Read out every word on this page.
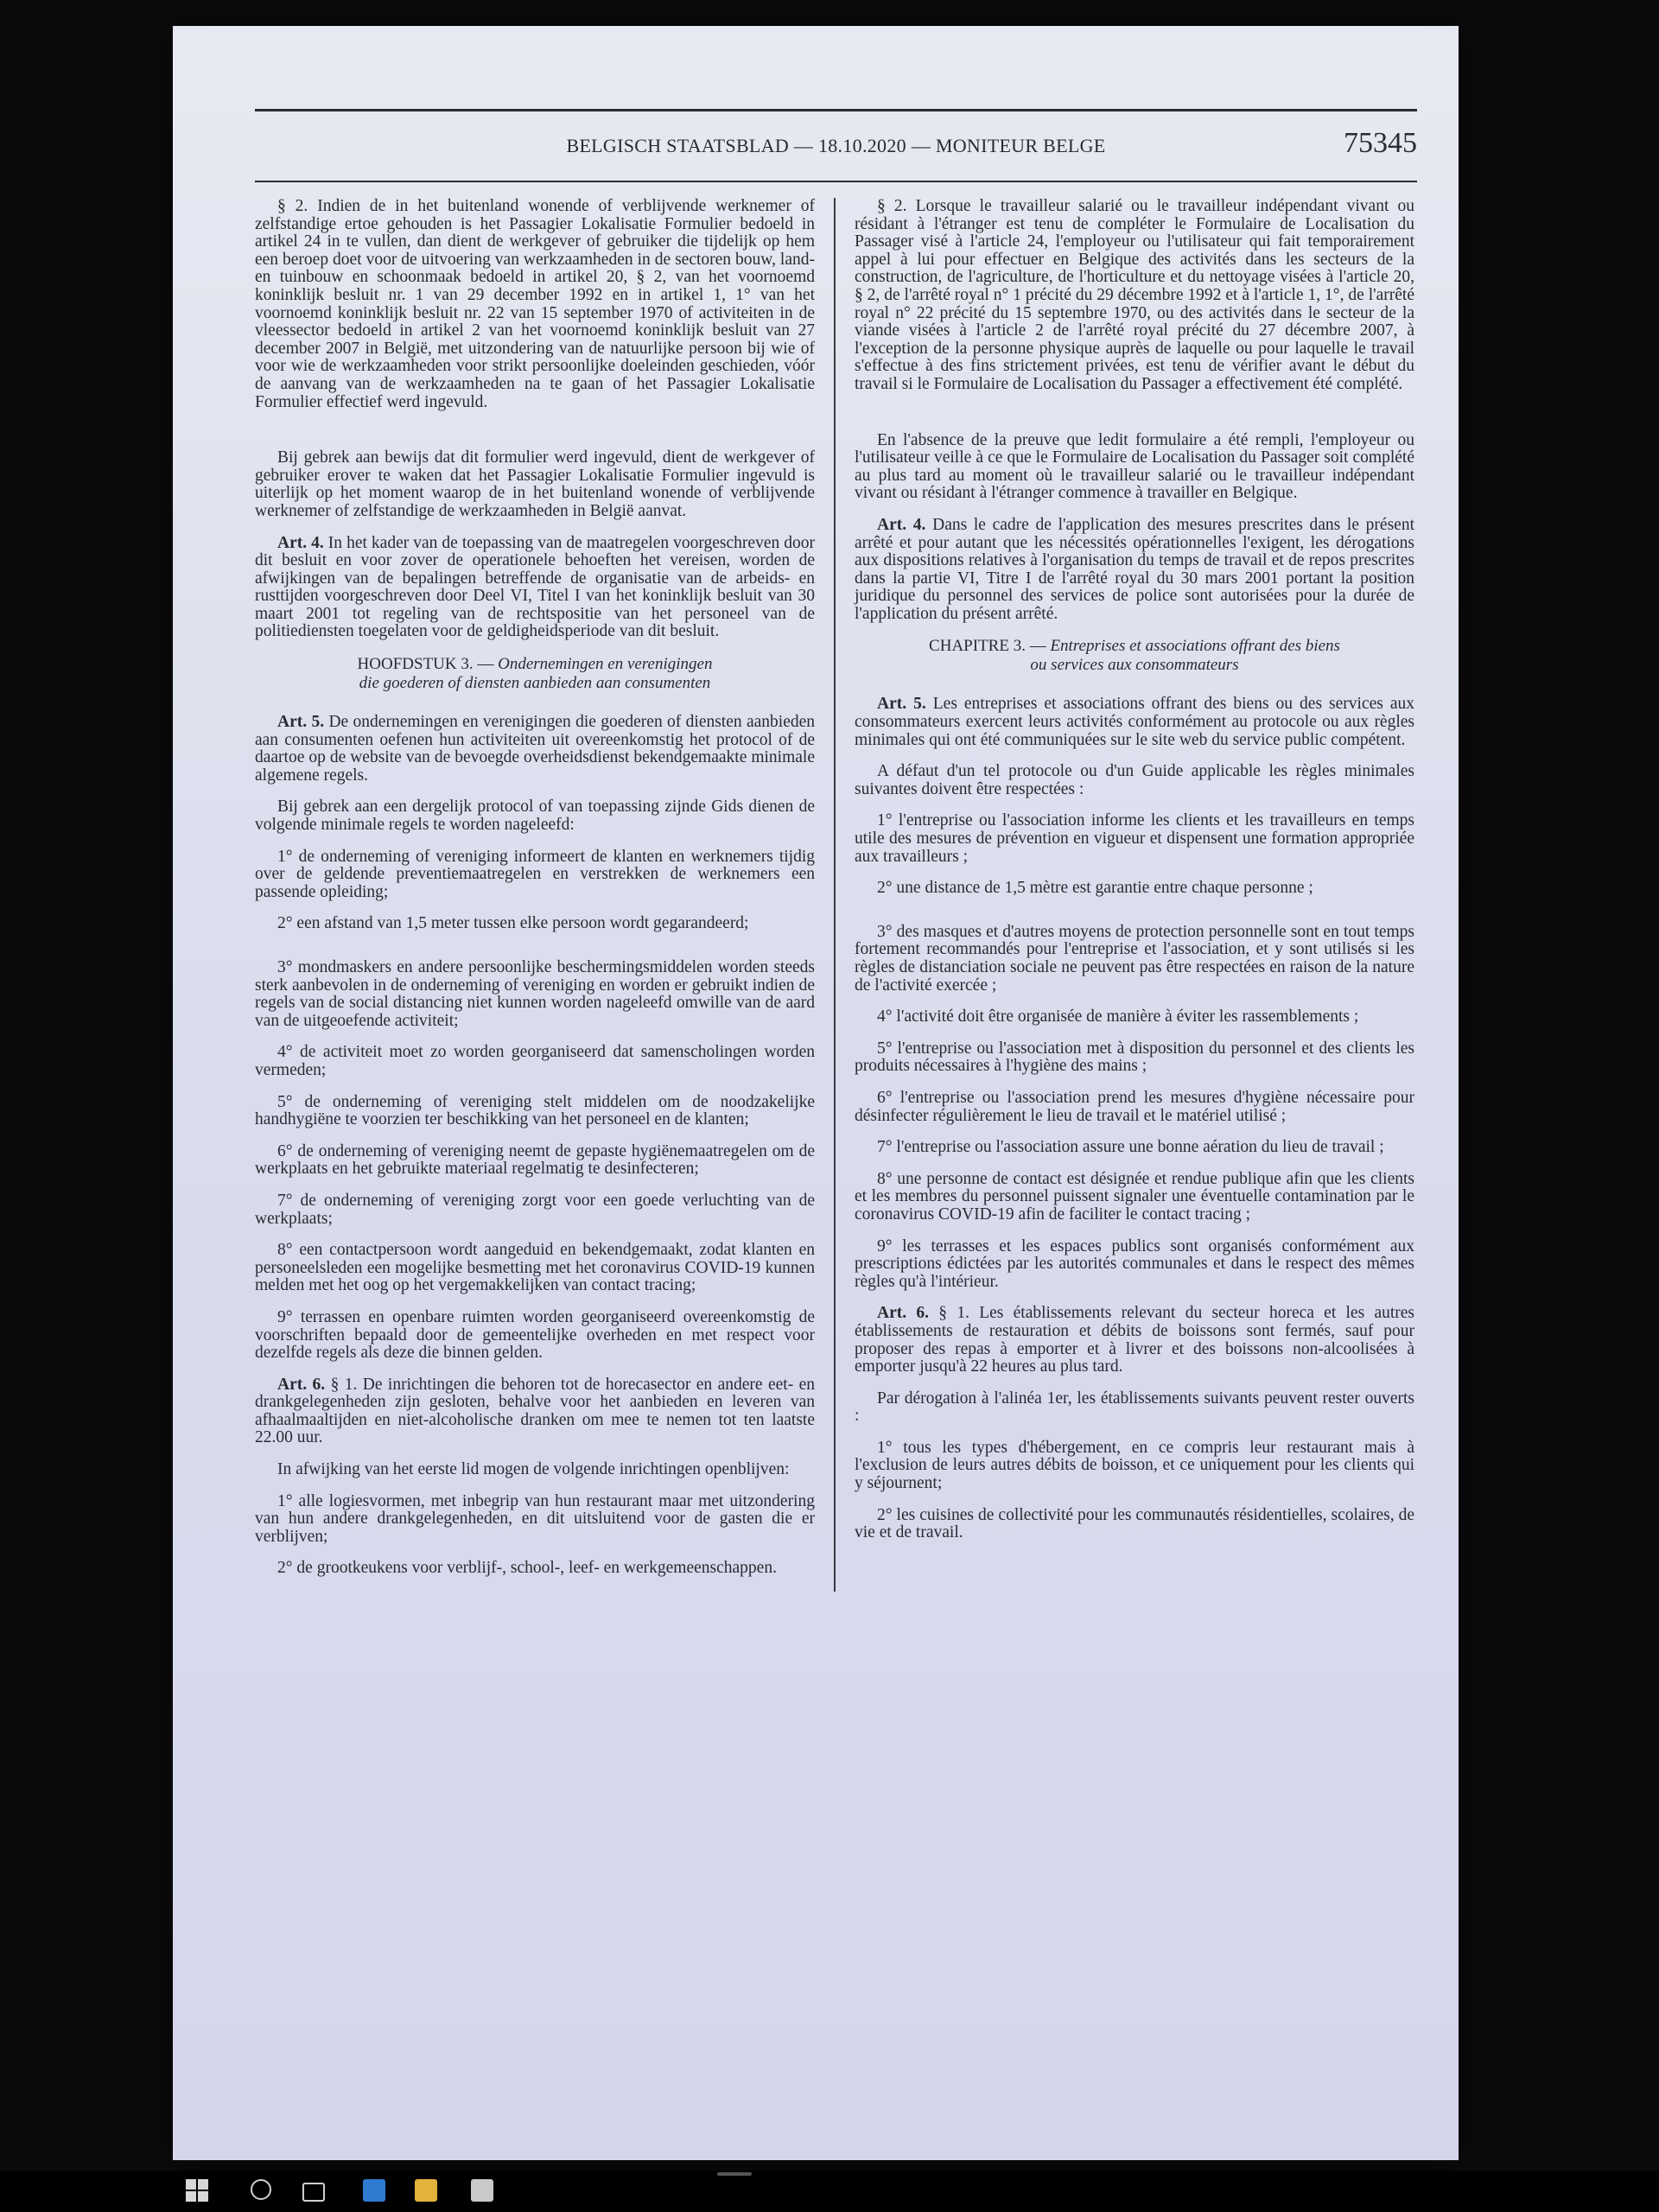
BELGISCH STAATSBLAD — 18.10.2020 — MONITEUR BELGE	75345

§ 2. Indien de in het buitenland wonende of verblijvende werknemer of zelfstandige ertoe gehouden is het Passagier Lokalisatie Formulier bedoeld in artikel 24 in te vullen, dan dient de werkgever of gebruiker die tijdelijk op hem een beroep doet voor de uitvoering van werkzaamheden in de sectoren bouw, land- en tuinbouw en schoonmaak bedoeld in artikel 20, § 2, van het voornoemd koninklijk besluit nr. 1 van 29 december 1992 en in artikel 1, 1° van het voornoemd koninklijk besluit nr. 22 van 15 september 1970 of activiteiten in de vleessector bedoeld in artikel 2 van het voornoemd koninklijk besluit van 27 december 2007 in België, met uitzondering van de natuurlijke persoon bij wie of voor wie de werkzaamheden voor strikt persoonlijke doeleinden geschieden, vóór de aanvang van de werkzaamheden na te gaan of het Passagier Lokalisatie Formulier effectief werd ingevuld.

Bij gebrek aan bewijs dat dit formulier werd ingevuld, dient de werkgever of gebruiker erover te waken dat het Passagier Lokalisatie Formulier ingevuld is uiterlijk op het moment waarop de in het buitenland wonende of verblijvende werknemer of zelfstandige de werkzaamheden in België aanvat.

Art. 4. In het kader van de toepassing van de maatregelen voorgeschreven door dit besluit en voor zover de operationele behoeften het vereisen, worden de afwijkingen van de bepalingen betreffende de organisatie van de arbeids- en rusttijden voorgeschreven door Deel VI, Titel I van het koninklijk besluit van 30 maart 2001 tot regeling van de rechtspositie van het personeel van de politiediensten toegelaten voor de geldigheidsperiode van dit besluit.

HOOFDSTUK 3. — Ondernemingen en verenigingen
die goederen of diensten aanbieden aan consumenten

Art. 5. De ondernemingen en verenigingen die goederen of diensten aanbieden aan consumenten oefenen hun activiteiten uit overeenkomstig het protocol of de daartoe op de website van de bevoegde overheidsdienst bekendgemaakte minimale algemene regels.

Bij gebrek aan een dergelijk protocol of van toepassing zijnde Gids dienen de volgende minimale regels te worden nageleefd:

1° de onderneming of vereniging informeert de klanten en werknemers tijdig over de geldende preventiemaatregelen en verstrekken de werknemers een passende opleiding;

2° een afstand van 1,5 meter tussen elke persoon wordt gegarandeerd;

3° mondmaskers en andere persoonlijke beschermingsmiddelen worden steeds sterk aanbevolen in de onderneming of vereniging en worden er gebruikt indien de regels van de social distancing niet kunnen worden nageleefd omwille van de aard van de uitgeoefende activiteit;

4° de activiteit moet zo worden georganiseerd dat samenscholingen worden vermeden;

5° de onderneming of vereniging stelt middelen om de noodzakelijke handhygiëne te voorzien ter beschikking van het personeel en de klanten;

6° de onderneming of vereniging neemt de gepaste hygiënemaatregelen om de werkplaats en het gebruikte materiaal regelmatig te desinfecteren;

7° de onderneming of vereniging zorgt voor een goede verluchting van de werkplaats;

8° een contactpersoon wordt aangeduid en bekendgemaakt, zodat klanten en personeelsleden een mogelijke besmetting met het coronavirus COVID-19 kunnen melden met het oog op het vergemakkelijken van contact tracing;

9° terrassen en openbare ruimten worden georganiseerd overeenkomstig de voorschriften bepaald door de gemeentelijke overheden en met respect voor dezelfde regels als deze die binnen gelden.

Art. 6. § 1. De inrichtingen die behoren tot de horecasector en andere eet- en drankgelegenheden zijn gesloten, behalve voor het aanbieden en leveren van afhaalmaaltijden en niet-alcoholische dranken om mee te nemen tot ten laatste 22.00 uur.

In afwijking van het eerste lid mogen de volgende inrichtingen openblijven:

1° alle logiesvormen, met inbegrip van hun restaurant maar met uitzondering van hun andere drankgelegenheden, en dit uitsluitend voor de gasten die er verblijven;

2° de grootkeukens voor verblijf-, school-, leef- en werkgemeenschappen.

§ 2. Lorsque le travailleur salarié ou le travailleur indépendant vivant ou résidant à l'étranger est tenu de compléter le Formulaire de Localisation du Passager visé à l'article 24, l'employeur ou l'utilisateur qui fait temporairement appel à lui pour effectuer en Belgique des activités dans les secteurs de la construction, de l'agriculture, de l'horticulture et du nettoyage visées à l'article 20, § 2, de l'arrêté royal n° 1 précité du 29 décembre 1992 et à l'article 1, 1°, de l'arrêté royal n° 22 précité du 15 septembre 1970, ou des activités dans le secteur de la viande visées à l'article 2 de l'arrêté royal précité du 27 décembre 2007, à l'exception de la personne physique auprès de laquelle ou pour laquelle le travail s'effectue à des fins strictement privées, est tenu de vérifier avant le début du travail si le Formulaire de Localisation du Passager a effectivement été complété.

En l'absence de la preuve que ledit formulaire a été rempli, l'employeur ou l'utilisateur veille à ce que le Formulaire de Localisation du Passager soit complété au plus tard au moment où le travailleur salarié ou le travailleur indépendant vivant ou résidant à l'étranger commence à travailler en Belgique.

Art. 4. Dans le cadre de l'application des mesures prescrites dans le présent arrêté et pour autant que les nécessités opérationnelles l'exigent, les dérogations aux dispositions relatives à l'organisation du temps de travail et de repos prescrites dans la partie VI, Titre I de l'arrêté royal du 30 mars 2001 portant la position juridique du personnel des services de police sont autorisées pour la durée de l'application du présent arrêté.

CHAPITRE 3. — Entreprises et associations offrant des biens
ou services aux consommateurs

Art. 5. Les entreprises et associations offrant des biens ou des services aux consommateurs exercent leurs activités conformément au protocole ou aux règles minimales qui ont été communiquées sur le site web du service public compétent.

A défaut d'un tel protocole ou d'un Guide applicable les règles minimales suivantes doivent être respectées :

1° l'entreprise ou l'association informe les clients et les travailleurs en temps utile des mesures de prévention en vigueur et dispensent une formation appropriée aux travailleurs ;

2° une distance de 1,5 mètre est garantie entre chaque personne ;

3° des masques et d'autres moyens de protection personnelle sont en tout temps fortement recommandés pour l'entreprise et l'association, et y sont utilisés si les règles de distanciation sociale ne peuvent pas être respectées en raison de la nature de l'activité exercée ;

4° l'activité doit être organisée de manière à éviter les rassemblements ;

5° l'entreprise ou l'association met à disposition du personnel et des clients les produits nécessaires à l'hygiène des mains ;

6° l'entreprise ou l'association prend les mesures d'hygiène nécessaire pour désinfecter régulièrement le lieu de travail et le matériel utilisé ;

7° l'entreprise ou l'association assure une bonne aération du lieu de travail ;

8° une personne de contact est désignée et rendue publique afin que les clients et les membres du personnel puissent signaler une éventuelle contamination par le coronavirus COVID-19 afin de faciliter le contact tracing ;

9° les terrasses et les espaces publics sont organisés conformément aux prescriptions édictées par les autorités communales et dans le respect des mêmes règles qu'à l'intérieur.

Art. 6. § 1. Les établissements relevant du secteur horeca et les autres établissements de restauration et débits de boissons sont fermés, sauf pour proposer des repas à emporter et à livrer et des boissons non-alcoolisées à emporter jusqu'à 22 heures au plus tard.

Par dérogation à l'alinéa 1er, les établissements suivants peuvent rester ouverts :

1° tous les types d'hébergement, en ce compris leur restaurant mais à l'exclusion de leurs autres débits de boisson, et ce uniquement pour les clients qui y séjournent;

2° les cuisines de collectivité pour les communautés résidentielles, scolaires, de vie et de travail.
